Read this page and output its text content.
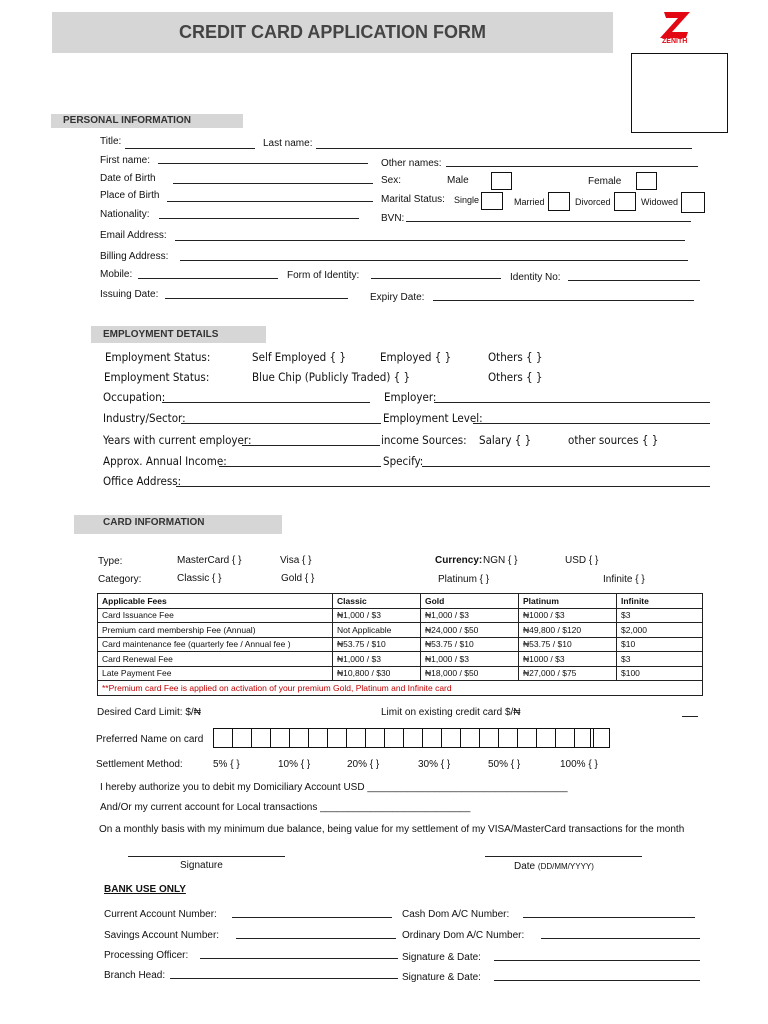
CREDIT CARD APPLICATION FORM	ZENITH
PERSONAL INFORMATION
Title:	Last name:
First name:	Other names:
Date of Birth	Sex:	Male	Female
Place of Birth	Marital Status: Single	Married	Divorced	Widowed
Nationality:	BVN:
Email Address:
Billing Address:
Mobile:	Form of Identity:	Identity No:
Issuing Date:	Expiry Date:
EMPLOYMENT DETAILS
Employment Status:	Self Employed { }	Employed { }	Others { }
Employment Status:	Blue Chip (Publicly Traded) { }	Others { }
Occupation:	Employer:
Industry/Sector:	Employment Level:
Years with current employer:	income Sources: Salary { }	other sources { }
Approx. Annual Income:	Specify:
Office Address:
CARD INFORMATION
Type:	MasterCard { }	Visa { }	Currency: NGN { }	USD { }
Category:	Classic { }	Gold { }	Platinum { }	Infinite { }
Applicable Fees	Classic	Gold	Platinum	Infinite
Card Issuance Fee	₦1,000 / $3	₦1,000 / $3	₦1000 / $3	$3
Premium card membership Fee (Annual)	Not Applicable	₦24,000 / $50	₦49,800 / $120	$2,000
Card maintenance fee (quarterly fee / Annual fee )	₦53.75 / $10	₦53.75 / $10	₦53.75 / $10	$10
Card Renewal Fee	₦1,000 / $3	₦1,000 / $3	₦1000 / $3	$3
Late Payment Fee	₦10,800 / $30	₦18,000 / $50	₦27,000 / $75	$100
**Premium card Fee is applied on activation of your premium Gold, Platinum and Infinite card				
Desired Card Limit: $/₦	Limit on existing credit card $/₦
Preferred Name on card
Settlement Method:	5% { }	10% { }	20% { }	30% { }	50% { }	100% { }
I hereby authorize you to debit my Domiciliary Account USD ____________________________________
And/Or my current account for Local transactions ___________________________
On a monthly basis with my minimum due balance, being value for my settlement of my VISA/MasterCard transactions for the month
Signature	Date (DD/MM/YYYY)
BANK USE ONLY
Current Account Number:	Cash Dom A/C Number:
Savings Account Number:	Ordinary Dom A/C Number:
Processing Officer:	Signature & Date:
Branch Head:	Signature & Date:
